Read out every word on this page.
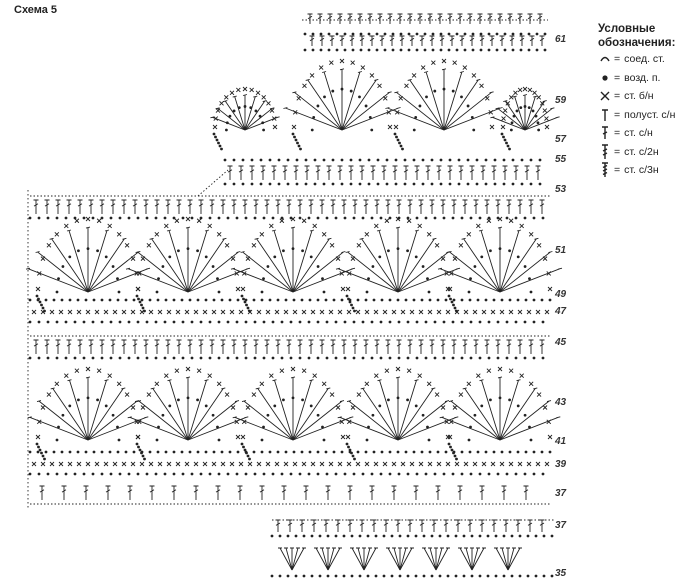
Схема 5
Условные
обозначения:
= соед. ст.
= возд. п.
= ст. б/н
= полуст. с/н
= ст. с/н
= ст. с/2н
= ст. с/3н
61
59
57
55
53
51
49
47
45
43
41
39
37
37
35
